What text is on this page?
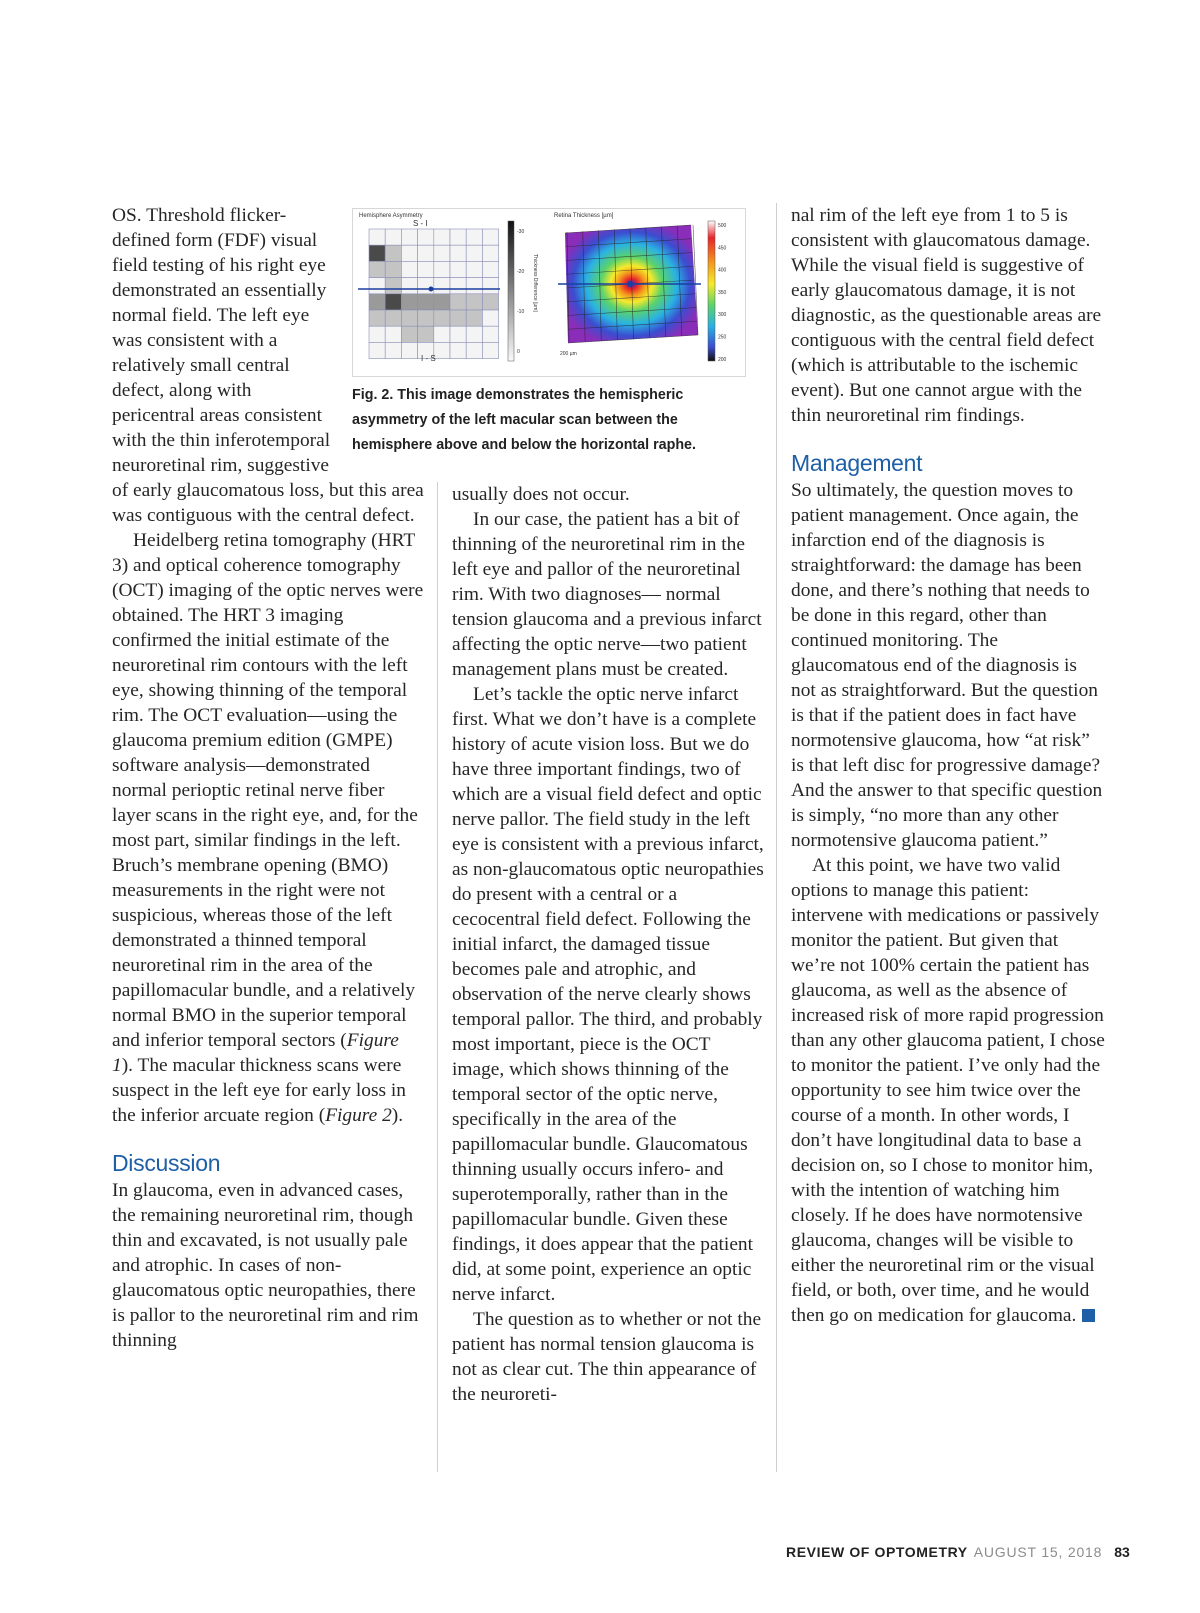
Hemisphere Asymmetry
S - I
I - S
-30
-20
-10
0
Thickness Difference [µm]
Retina Thickness [µm]
200 µm
500
450
400
350
300
250
200
Fig. 2. This image demonstrates the hemispheric asymmetry of the left macular scan between the hemisphere above and below the horizontal raphe.

OS. Threshold flicker-defined form (FDF) visual field testing of his right eye demonstrated an essentially normal field. The left eye was consistent with a relatively small central defect, along with pericentral areas consistent with the thin inferotemporal neuroretinal rim, suggestive of early glaucomatous loss, but this area was contiguous with the central defect.

Heidelberg retina tomography (HRT 3) and optical coherence tomography (OCT) imaging of the optic nerves were obtained. The HRT 3 imaging confirmed the initial estimate of the neuroretinal rim contours with the left eye, showing thinning of the temporal rim. The OCT evaluation—using the glaucoma premium edition (GMPE) software analysis—demonstrated normal perioptic retinal nerve fiber layer scans in the right eye, and, for the most part, similar findings in the left. Bruch’s membrane opening (BMO) measurements in the right were not suspicious, whereas those of the left demonstrated a thinned temporal neuroretinal rim in the area of the papillomacular bundle, and a relatively normal BMO in the superior temporal and inferior temporal sectors (Figure 1). The macular thickness scans were suspect in the left eye for early loss in the inferior arcuate region (Figure 2).

Discussion

In glaucoma, even in advanced cases, the remaining neuroretinal rim, though thin and excavated, is not usually pale and atrophic. In cases of non-glaucomatous optic neuropathies, there is pallor to the neuroretinal rim and rim thinning

usually does not occur.

In our case, the patient has a bit of thinning of the neuroretinal rim in the left eye and pallor of the neuroretinal rim. With two diagnoses— normal tension glaucoma and a previous infarct affecting the optic nerve—two patient management plans must be created.

Let’s tackle the optic nerve infarct first. What we don’t have is a complete history of acute vision loss. But we do have three important findings, two of which are a visual field defect and optic nerve pallor. The field study in the left eye is consistent with a previous infarct, as non-glaucomatous optic neuropathies do present with a central or a cecocentral field defect. Following the initial infarct, the damaged tissue becomes pale and atrophic, and observation of the nerve clearly shows temporal pallor. The third, and probably most important, piece is the OCT image, which shows thinning of the temporal sector of the optic nerve, specifically in the area of the papillomacular bundle. Glaucomatous thinning usually occurs infero- and superotemporally, rather than in the papillomacular bundle. Given these findings, it does appear that the patient did, at some point, experience an optic nerve infarct.

The question as to whether or not the patient has normal tension glaucoma is not as clear cut. The thin appearance of the neuroreti-

nal rim of the left eye from 1 to 5 is consistent with glaucomatous damage. While the visual field is suggestive of early glaucomatous damage, it is not diagnostic, as the questionable areas are contiguous with the central field defect (which is attributable to the ischemic event). But one cannot argue with the thin neuroretinal rim findings.

Management

So ultimately, the question moves to patient management. Once again, the infarction end of the diagnosis is straightforward: the damage has been done, and there’s nothing that needs to be done in this regard, other than continued monitoring. The glaucomatous end of the diagnosis is not as straightforward. But the question is that if the patient does in fact have normotensive glaucoma, how “at risk” is that left disc for progressive damage? And the answer to that specific question is simply, “no more than any other normotensive glaucoma patient.”

At this point, we have two valid options to manage this patient: intervene with medications or passively monitor the patient. But given that we’re not 100% certain the patient has glaucoma, as well as the absence of increased risk of more rapid progression than any other glaucoma patient, I chose to monitor the patient. I’ve only had the opportunity to see him twice over the course of a month. In other words, I don’t have longitudinal data to base a decision on, so I chose to monitor him, with the intention of watching him closely. If he does have normotensive glaucoma, changes will be visible to either the neuroretinal rim or the visual field, or both, over time, and he would then go on medication for glaucoma.

REVIEW OF OPTOMETRY AUGUST 15, 2018 83
